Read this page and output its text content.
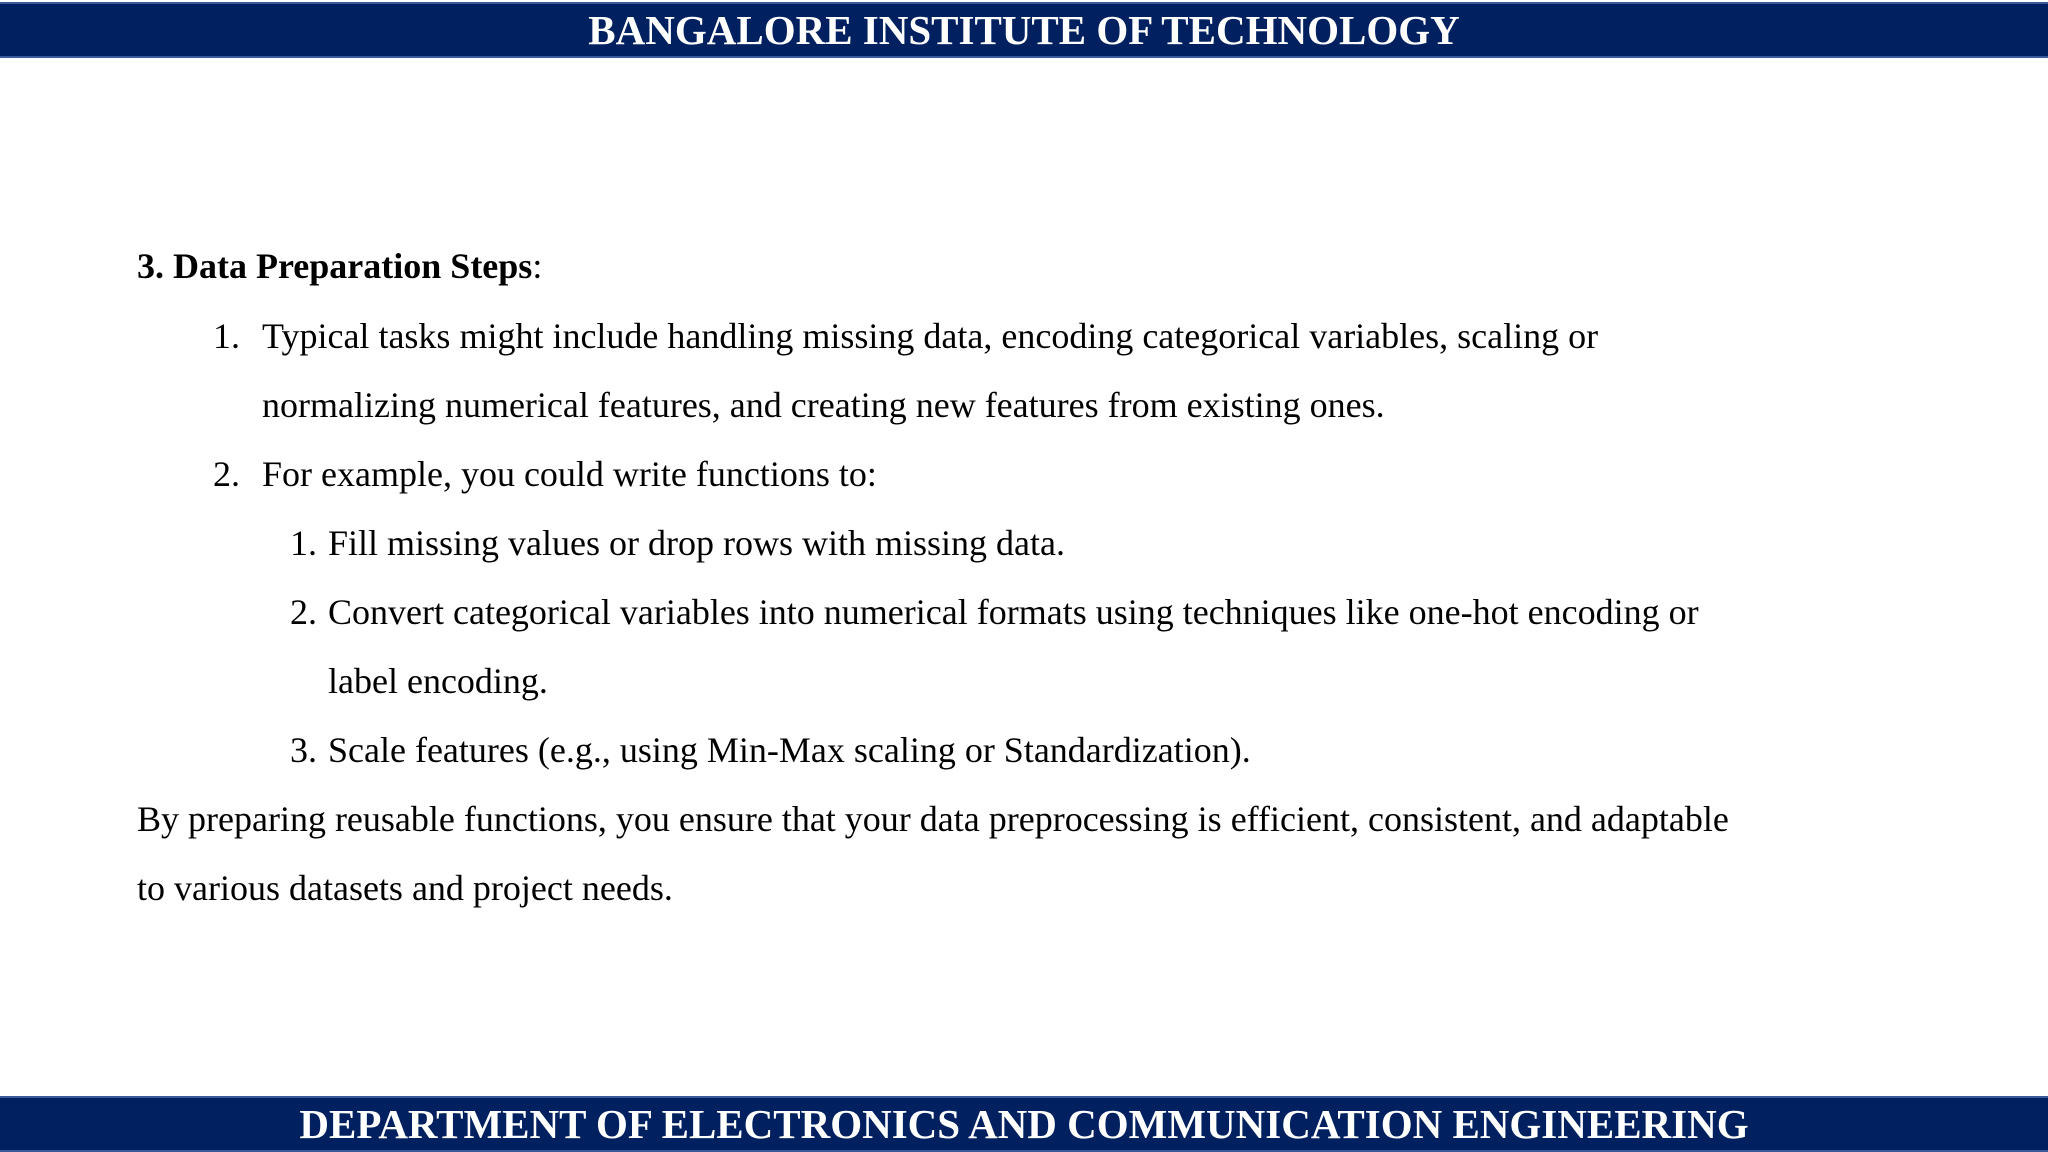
BANGALORE INSTITUTE OF TECHNOLOGY
3. Data Preparation Steps:
1. Typical tasks might include handling missing data, encoding categorical variables, scaling or
normalizing numerical features, and creating new features from existing ones.
2. For example, you could write functions to:
1. Fill missing values or drop rows with missing data.
2. Convert categorical variables into numerical formats using techniques like one-hot encoding or
label encoding.
3. Scale features (e.g., using Min-Max scaling or Standardization).
By preparing reusable functions, you ensure that your data preprocessing is efficient, consistent, and adaptable
to various datasets and project needs.
DEPARTMENT OF ELECTRONICS AND COMMUNICATION ENGINEERING
